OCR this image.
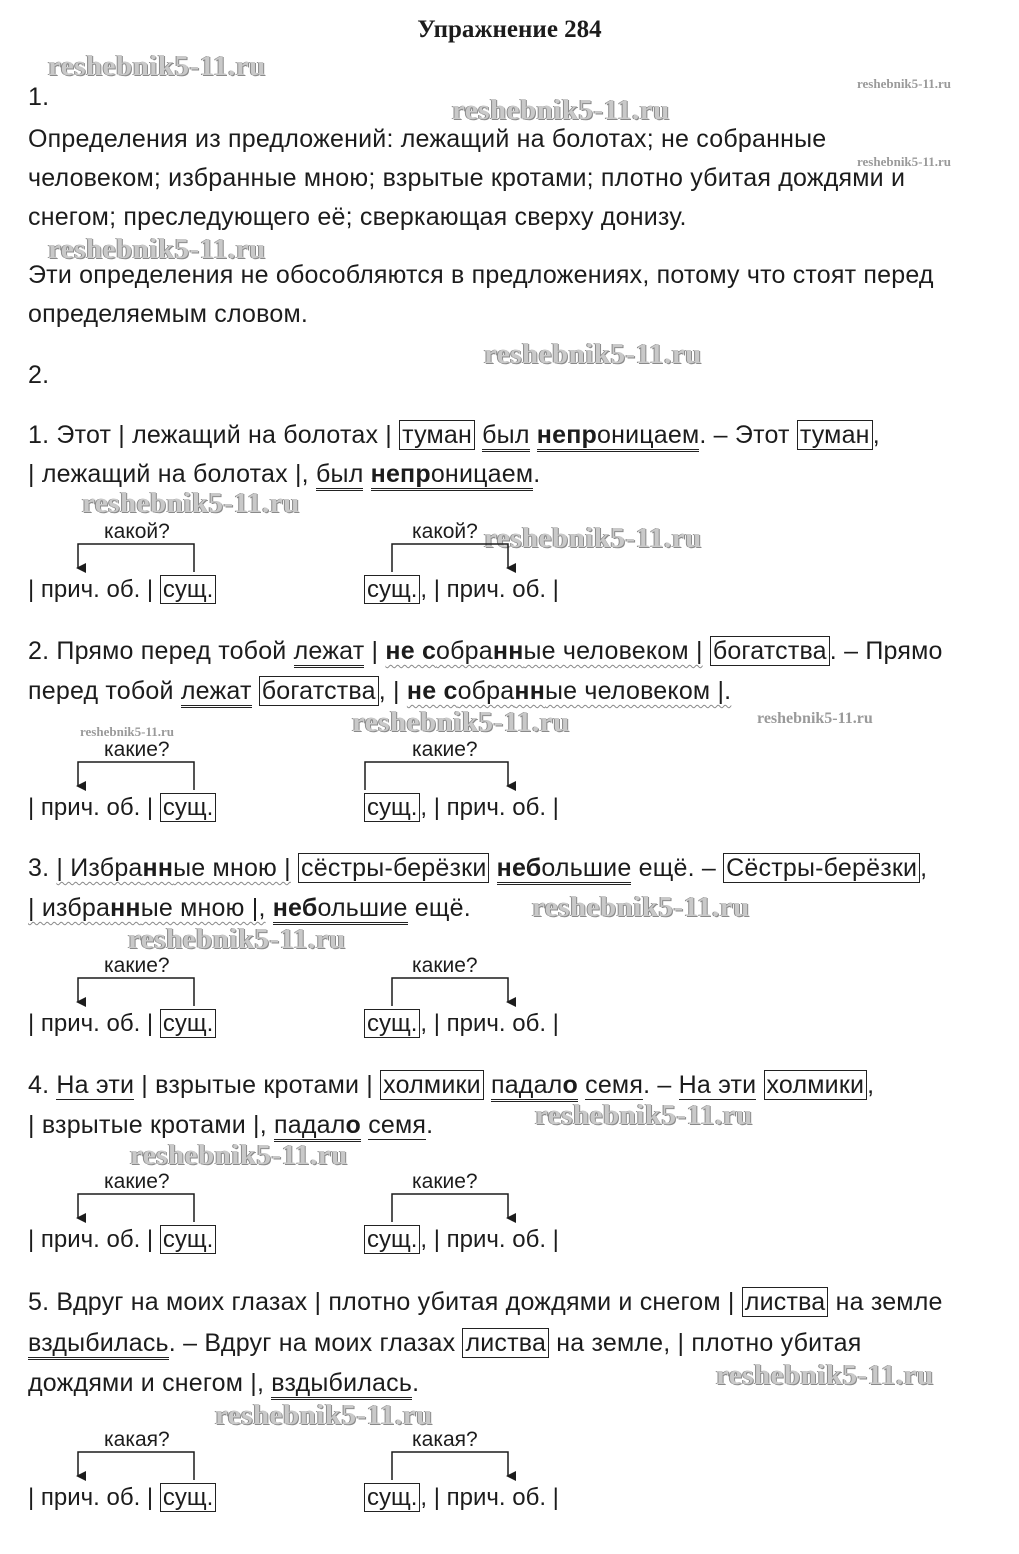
Упражнение 284
reshebnik5-11.ru
reshebnik5-11.ru
reshebnik5-11.ru
reshebnik5-11.ru
reshebnik5-11.ru
reshebnik5-11.ru
reshebnik5-11.ru
reshebnik5-11.ru
reshebnik5-11.ru	reshebnik5-11.ru	reshebnik5-11.ru
reshebnik5-11.ru
reshebnik5-11.ru
reshebnik5-11.ru
reshebnik5-11.ru
reshebnik5-11.ru
reshebnik5-11.ru
1.
Определения из предложений: лежащий на болотах; не собранные
человеком; избранные мною; взрытые кротами; плотно убитая дождями и
снегом; преследующего её; сверкающая сверху донизу.
Эти определения не обособляются в предложениях, потому что стоят перед
определяемым словом.
2.
1. Этот | лежащий на болотах | туман был непроницаем. – Этот туман ,
| лежащий на болотах |, был непроницаем.
2. Прямо перед тобой лежат | не собранные человеком | богатства . – Прямо
перед тобой лежат богатства , | не собранные человеком |.
3. | Избранные мною | сёстры-берёзки небольшие ещё. – Сёстры-берёзки ,
| избранные мною |, небольшие ещё.
4. На эти | взрытые кротами | холмики падало семя. – На эти холмики ,
| взрытые кротами |, падало семя.
5. Вдруг на моих глазах | плотно убитая дождями и снегом | листва на земле
вздыбилась. – Вдруг на моих глазах листва на земле, | плотно убитая
дождями и снегом |, вздыбилась.
какой?	какой?
какие?	какие?
какие?	какие?
какие?	какие?
какая?	какая?
| прич. об. | сущ.	сущ. , | прич. об. |
| прич. об. | сущ.	сущ. , | прич. об. |
| прич. об. | сущ.	сущ. , | прич. об. |
| прич. об. | сущ.	сущ. , | прич. об. |
| прич. об. | сущ.	сущ. , | прич. об. |
